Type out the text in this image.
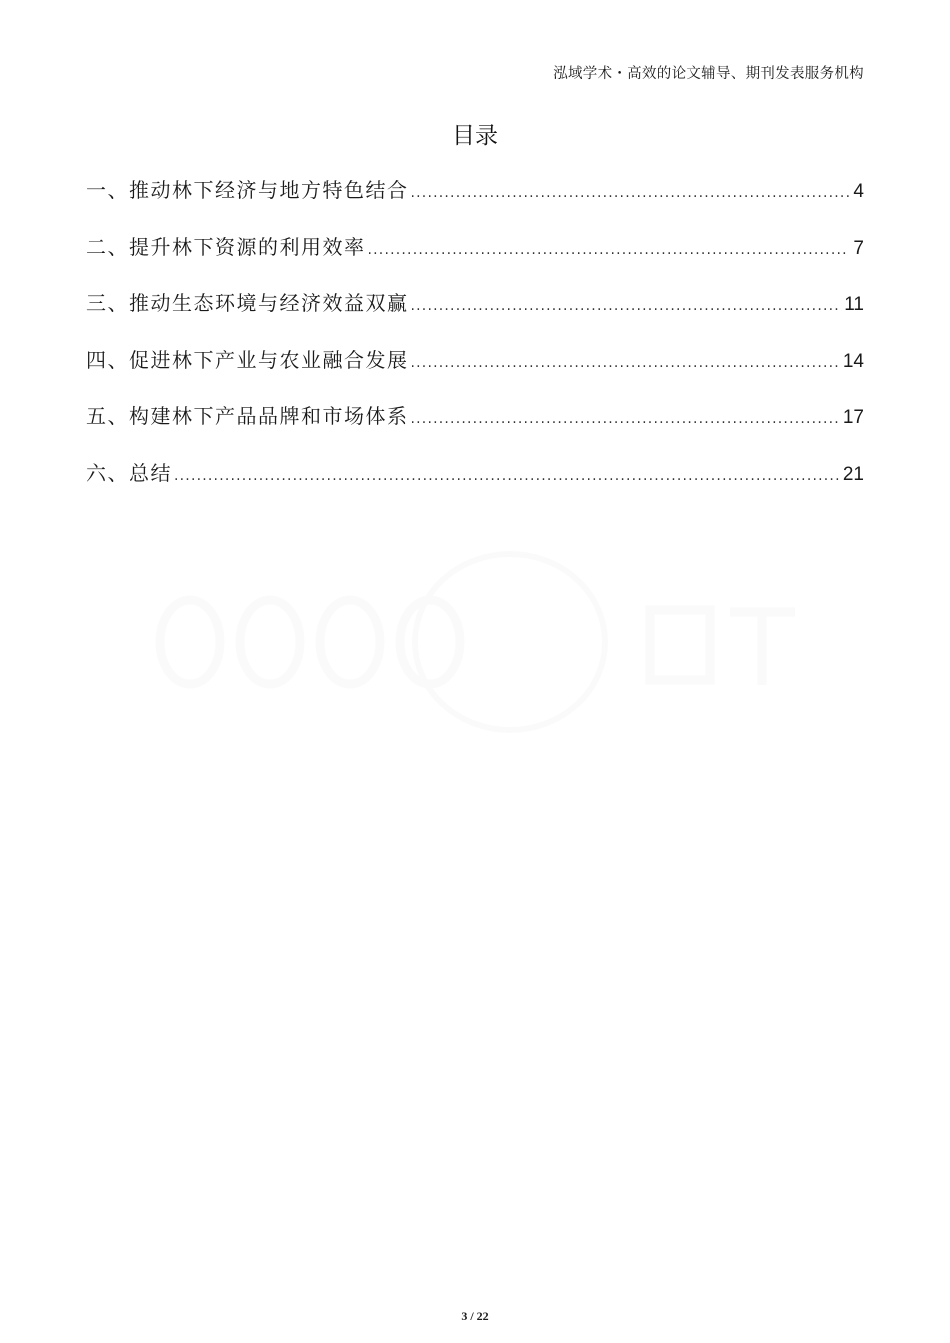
泓域学术・高效的论文辅导、期刊发表服务机构
目录
一、推动林下经济与地方特色结合 .....	4
二、提升林下资源的利用效率 .....	7
三、推动生态环境与经济效益双赢 .....	11
四、促进林下产业与农业融合发展 .....	14
五、构建林下产品品牌和市场体系 .....	17
六、总结 .....	21
3 / 22
